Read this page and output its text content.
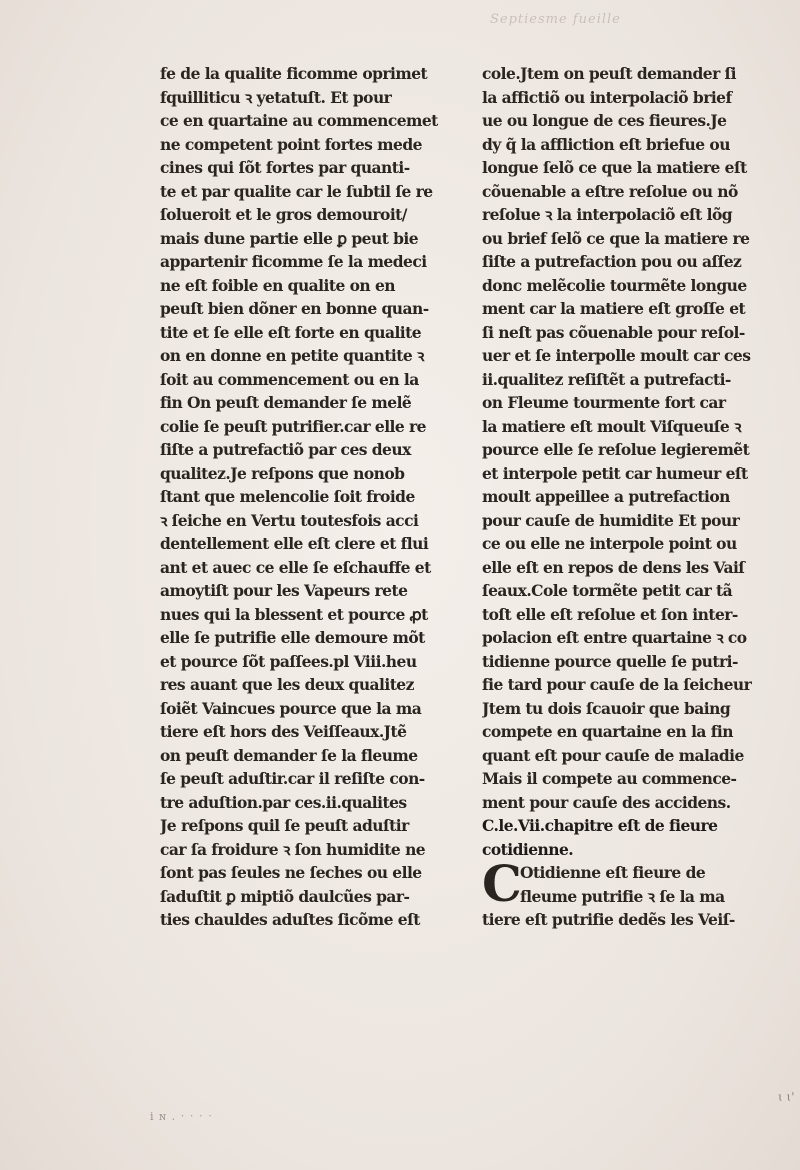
Septiesme fueille
fe de la qualite ficomme oprimet
fquilliticu ꝛ yetatuſt. Et pour
ce en quartaine au commencemet
ne competent point fortes mede
cines qui ſõt fortes par quanti-
te et par qualite car le ſubtil ſe re
ſolueroit et le gros demouroit/
mais dune partie elle ꝑ peut bie
appartenir ficomme ſe la medeci
ne eſt foible en qualite on en
peuſt bien dõner en bonne quan-
tite et ſe elle eſt forte en qualite
on en donne en petite quantite ꝛ
ſoit au commencement ou en la
fin On peuſt demander ſe melẽ
colie ſe peuſt putrifier.car elle re
ſiſte a putrefactiõ par ces deux
qualitez.Je reſpons que nonob
ſtant que melencolie ſoit froide
ꝛ ſeiche en Vertu toutesfois acci
dentellement elle eſt clere et flui
ant et auec ce elle ſe eſchauffe et
amoytiſt pour les Vapeurs rete
nues qui la blessent et pource ꝓt
elle ſe putrifie elle demoure mõt
et pource ſõt paſſees.pl Viii.heu
res auant que les deux qualitez
ſoiẽt Vaincues pource que la ma
tiere eſt hors des Veiſſeaux.Jtẽ
on peuſt demander ſe la fleume
ſe peuſt aduſtir.car il reſiſte con-
tre aduſtion.par ces.ii.qualites
Je reſpons quil ſe peuſt aduſtir
car ſa froidure ꝛ ſon humidite ne
ſont pas ſeules ne ſeches ou elle
ſaduſtit ꝑ miptiõ daulcũes par-
ties chauldes aduſtes ſicõme eſt
cole.Jtem on peuſt demander ſi
la affictiõ ou interpolaciõ brief
ue ou longue de ces fieures.Je
dy q̃ la affliction eſt briefue ou
longue ſelõ ce que la matiere eſt
cõuenable a eſtre reſolue ou nõ
reſolue ꝛ la interpolaciõ eſt lõg
ou brief ſelõ ce que la matiere re
ſiſte a putrefaction pou ou aſſez
donc melẽcolie tourmẽte longue
ment car la matiere eſt groſſe et
ſi neſt pas cõuenable pour reſol-
uer et ſe interpolle moult car ces
ii.qualitez reſiſtẽt a putrefacti-
on Fleume tourmente fort car
la matiere eſt moult Viſqueuſe ꝛ
pource elle ſe reſolue legieremẽt
et interpole petit car humeur eſt
moult appeillee a putrefaction
pour cauſe de humidite Et pour
ce ou elle ne interpole point ou
elle eſt en repos de dens les Vaiſ
ſeaux.Cole tormẽte petit car tã
toſt elle eſt reſolue et ſon inter-
polacion eſt entre quartaine ꝛ co
tidienne pource quelle ſe putri-
fie tard pour cauſe de la ſeicheur
Jtem tu dois ſcauoir que baing
compete en quartaine en la fin
quant eſt pour cauſe de maladie
Mais il compete au commence-
ment pour cauſe des accidens.
C.le.Vii.chapitre eſt de fieure
cotidienne.
C
Otidienne eſt fieure de
fleume putrifie ꝛ ſe la ma
tiere eſt putrifie dedẽs les Veiſ-
i ɴ . ˑ ˑ ˑ ˑ
ɩ ɩ'
